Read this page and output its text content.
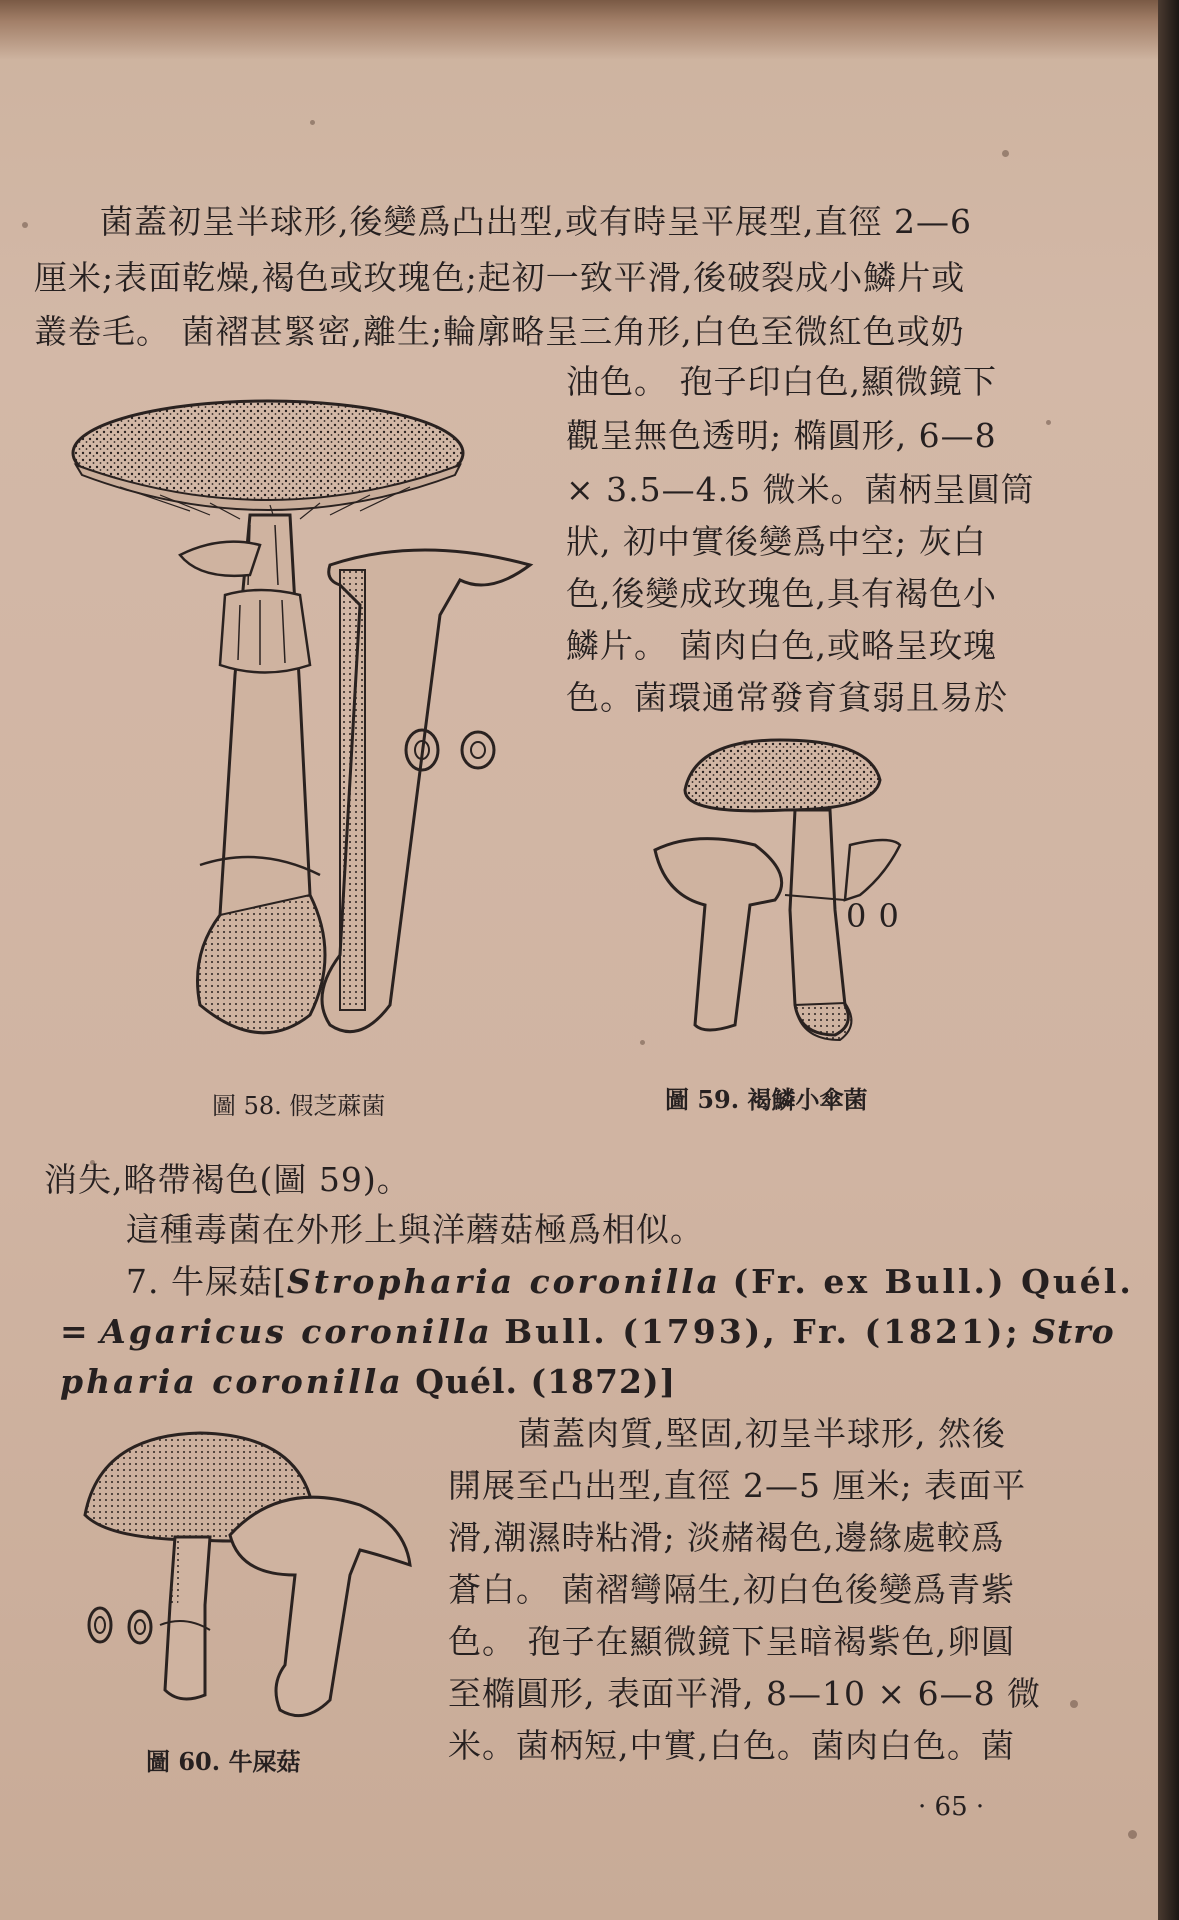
菌蓋初呈半球形,後變爲凸出型,或有時呈平展型,直徑 2—6
厘米;表面乾燥,褐色或玫瑰色;起初一致平滑,後破裂成小鱗片或
叢卷毛。 菌褶甚緊密,離生;輪廓略呈三角形,白色至微紅色或奶
油色。 孢子印白色,顯微鏡下
觀呈無色透明; 橢圓形, 6—8
× 3.5—4.5 微米。菌柄呈圓筒
狀, 初中實後變爲中空; 灰白
色,後變成玫瑰色,具有褐色小
鱗片。 菌肉白色,或略呈玫瑰
色。菌環通常發育貧弱且易於
0 0
圖 58. 假芝蔴菌	圖 59. 褐鱗小傘菌
消失,略帶褐色(圖 59)。
這種毒菌在外形上與洋蘑菇極爲相似。
7. 牛屎菇[Stropharia coronilla (Fr. ex Bull.) Quél.
= Agaricus coronilla Bull. (1793), Fr. (1821); Stro
pharia coronilla Quél. (1872)]
菌蓋肉質,堅固,初呈半球形, 然後
開展至凸出型,直徑 2—5 厘米; 表面平
滑,潮濕時粘滑; 淡赭褐色,邊緣處較爲
蒼白。 菌褶彎隔生,初白色後變爲青紫
色。 孢子在顯微鏡下呈暗褐紫色,卵圓
至橢圓形, 表面平滑, 8—10 × 6—8 微
米。菌柄短,中實,白色。菌肉白色。菌
圖 60. 牛屎菇
· 65 ·
